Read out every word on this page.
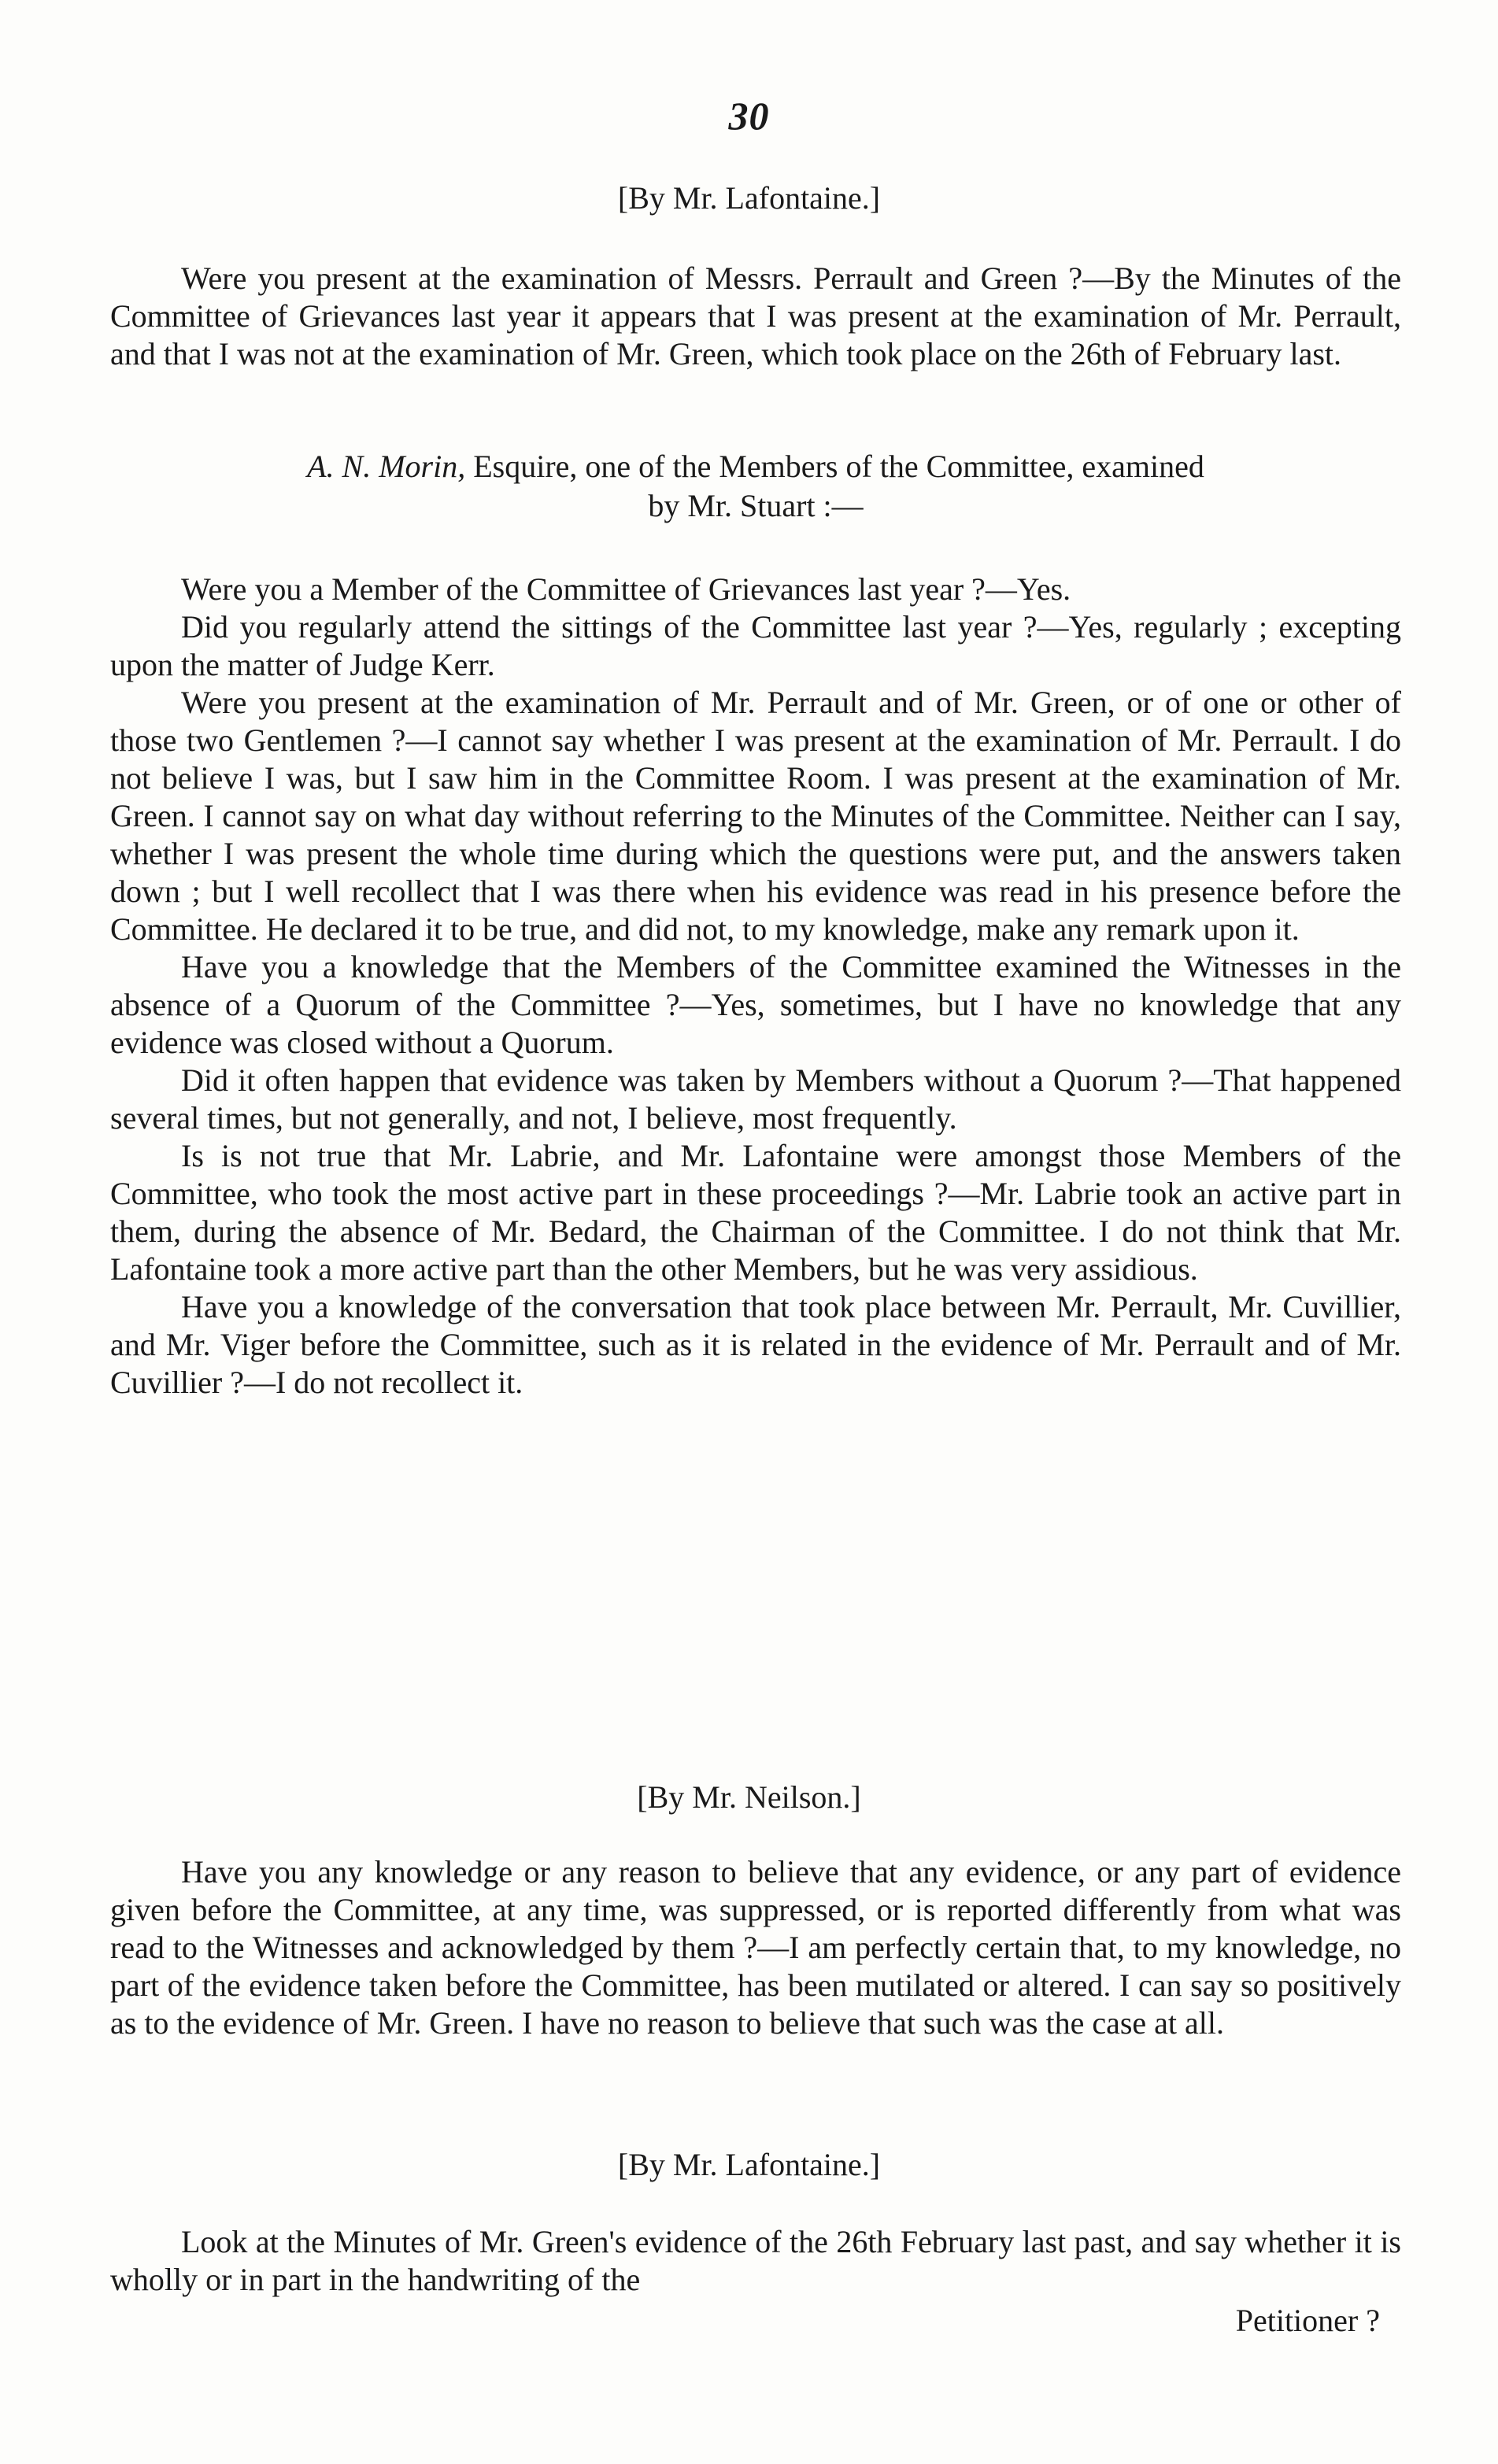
30
[By Mr. Lafontaine.]

Were you present at the examination of Messrs. Perrault and Green ?—By the Minutes of the Committee of Grievances last year it appears that I was present at the examination of Mr. Perrault, and that I was not at the examination of Mr. Green, which took place on the 26th of February last.

A. N. Morin, Esquire, one of the Members of the Committee, examined
by Mr. Stuart :—

Were you a Member of the Committee of Grievances last year ?—Yes.

Did you regularly attend the sittings of the Committee last year ?—Yes, regularly ; excepting upon the matter of Judge Kerr.

Were you present at the examination of Mr. Perrault and of Mr. Green, or of one or other of those two Gentlemen ?—I cannot say whether I was present at the examination of Mr. Perrault. I do not believe I was, but I saw him in the Committee Room. I was present at the examination of Mr. Green. I cannot say on what day without referring to the Minutes of the Committee. Neither can I say, whether I was present the whole time during which the questions were put, and the answers taken down ; but I well recollect that I was there when his evidence was read in his presence before the Committee. He declared it to be true, and did not, to my knowledge, make any remark upon it.

Have you a knowledge that the Members of the Committee examined the Witnesses in the absence of a Quorum of the Committee ?—Yes, sometimes, but I have no knowledge that any evidence was closed without a Quorum.

Did it often happen that evidence was taken by Members without a Quorum ?—That happened several times, but not generally, and not, I believe, most frequently.

Is is not true that Mr. Labrie, and Mr. Lafontaine were amongst those Members of the Committee, who took the most active part in these proceedings ?—Mr. Labrie took an active part in them, during the absence of Mr. Bedard, the Chairman of the Committee. I do not think that Mr. Lafontaine took a more active part than the other Members, but he was very assidious.

Have you a knowledge of the conversation that took place between Mr. Perrault, Mr. Cuvillier, and Mr. Viger before the Committee, such as it is related in the evidence of Mr. Perrault and of Mr. Cuvillier ?—I do not recollect it.

[By Mr. Neilson.]

Have you any knowledge or any reason to believe that any evidence, or any part of evidence given before the Committee, at any time, was suppressed, or is reported differently from what was read to the Witnesses and acknowledged by them ?—I am perfectly certain that, to my knowledge, no part of the evidence taken before the Committee, has been mutilated or altered. I can say so positively as to the evidence of Mr. Green. I have no reason to believe that such was the case at all.

[By Mr. Lafontaine.]

Look at the Minutes of Mr. Green's evidence of the 26th February last past, and say whether it is wholly or in part in the handwriting of the

Petitioner ?
